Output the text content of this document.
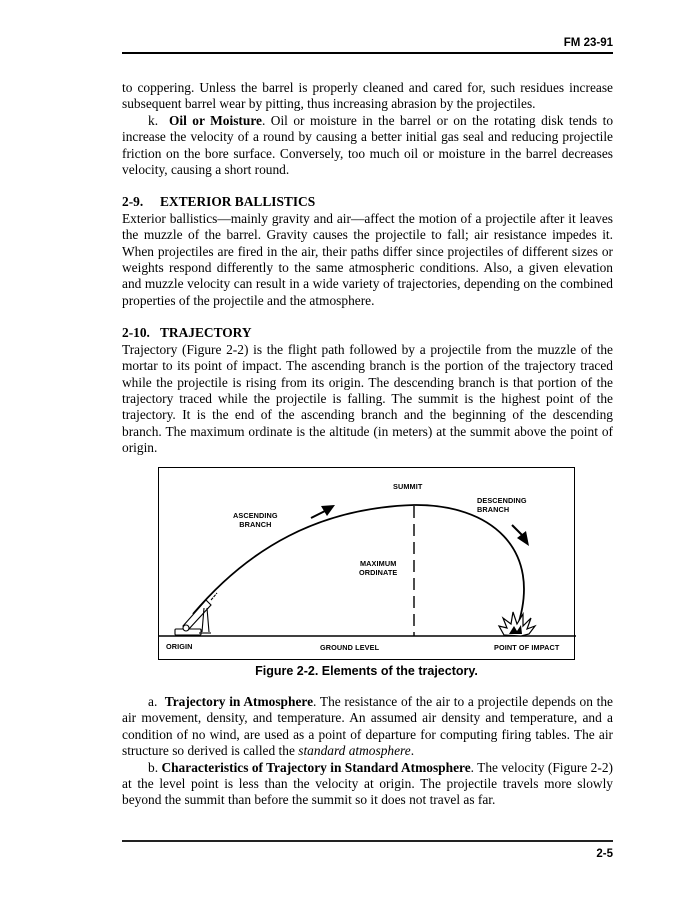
FM 23-91

to coppering. Unless the barrel is properly cleaned and cared for, such residues increase subsequent barrel wear by pitting, thus increasing abrasion by the projectiles.

k. Oil or Moisture. Oil or moisture in the barrel or on the rotating disk tends to increase the velocity of a round by causing a better initial gas seal and reducing projectile friction on the bore surface. Conversely, too much oil or moisture in the barrel decreases velocity, causing a short round.

2-9. EXTERIOR BALLISTICS

Exterior ballistics—mainly gravity and air—affect the motion of a projectile after it leaves the muzzle of the barrel. Gravity causes the projectile to fall; air resistance impedes it. When projectiles are fired in the air, their paths differ since projectiles of different sizes or weights respond differently to the same atmospheric conditions. Also, a given elevation and muzzle velocity can result in a wide variety of trajectories, depending on the combined properties of the projectile and the atmosphere.

2-10. TRAJECTORY

Trajectory (Figure 2-2) is the flight path followed by a projectile from the muzzle of the mortar to its point of impact. The ascending branch is the portion of the trajectory traced while the projectile is rising from its origin. The descending branch is that portion of the trajectory traced while the projectile is falling. The summit is the highest point of the trajectory. It is the end of the ascending branch and the beginning of the descending branch. The maximum ordinate is the altitude (in meters) at the summit above the point of origin.

SUMMIT
DESCENDING
BRANCH
ASCENDING
BRANCH
MAXIMUM
ORDINATE
ORIGIN	GROUND LEVEL	POINT OF IMPACT
Figure 2-2. Elements of the trajectory.

a. Trajectory in Atmosphere. The resistance of the air to a projectile depends on the air movement, density, and temperature. An assumed air density and temperature, and a condition of no wind, are used as a point of departure for computing firing tables. The air structure so derived is called the standard atmosphere.

b. Characteristics of Trajectory in Standard Atmosphere. The velocity (Figure 2-2) at the level point is less than the velocity at origin. The projectile travels more slowly beyond the summit than before the summit so it does not travel as far.

2-5
